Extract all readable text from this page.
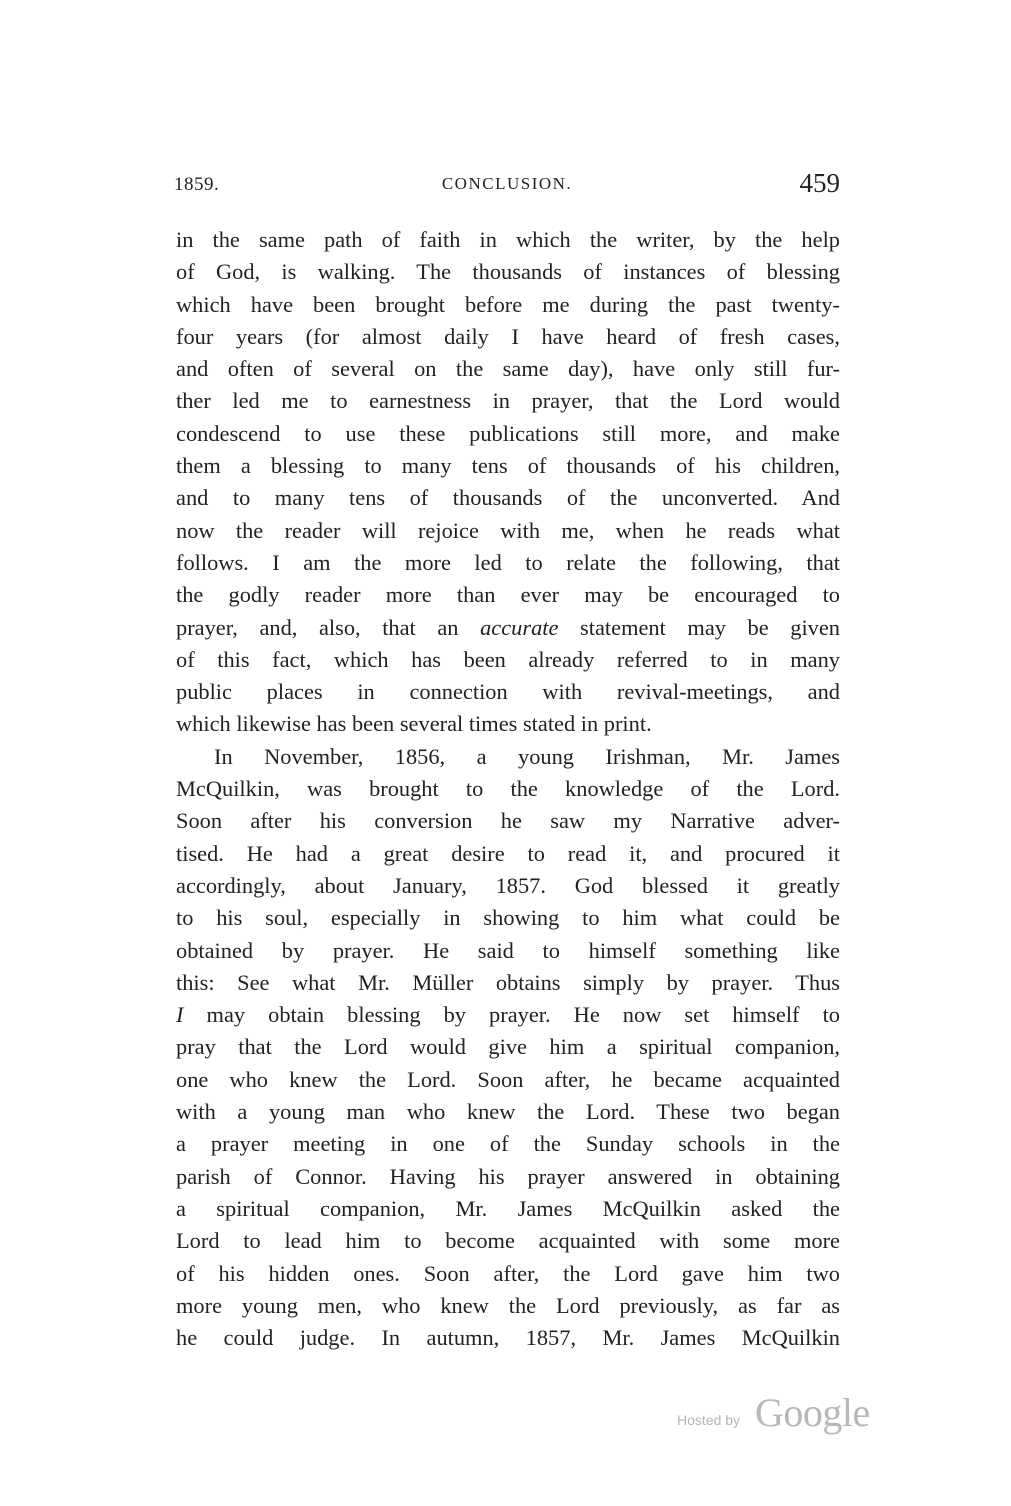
1859.	CONCLUSION.	459
in the same path of faith in which the writer, by the help
of God, is walking. The thousands of instances of blessing
which have been brought before me during the past twenty-
four years (for almost daily I have heard of fresh cases,
and often of several on the same day), have only still fur-
ther led me to earnestness in prayer, that the Lord would
condescend to use these publications still more, and make
them a blessing to many tens of thousands of his children,
and to many tens of thousands of the unconverted. And
now the reader will rejoice with me, when he reads what
follows. I am the more led to relate the following, that
the godly reader more than ever may be encouraged to
prayer, and, also, that an accurate statement may be given
of this fact, which has been already referred to in many
public places in connection with revival-meetings, and
which likewise has been several times stated in print.
In November, 1856, a young Irishman, Mr. James
McQuilkin, was brought to the knowledge of the Lord.
Soon after his conversion he saw my Narrative adver-
tised. He had a great desire to read it, and procured it
accordingly, about January, 1857. God blessed it greatly
to his soul, especially in showing to him what could be
obtained by prayer. He said to himself something like
this: See what Mr. Müller obtains simply by prayer. Thus
I may obtain blessing by prayer. He now set himself to
pray that the Lord would give him a spiritual companion,
one who knew the Lord. Soon after, he became acquainted
with a young man who knew the Lord. These two began
a prayer meeting in one of the Sunday schools in the
parish of Connor. Having his prayer answered in obtaining
a spiritual companion, Mr. James McQuilkin asked the
Lord to lead him to become acquainted with some more
of his hidden ones. Soon after, the Lord gave him two
more young men, who knew the Lord previously, as far as
he could judge. In autumn, 1857, Mr. James McQuilkin
Hosted by Google
